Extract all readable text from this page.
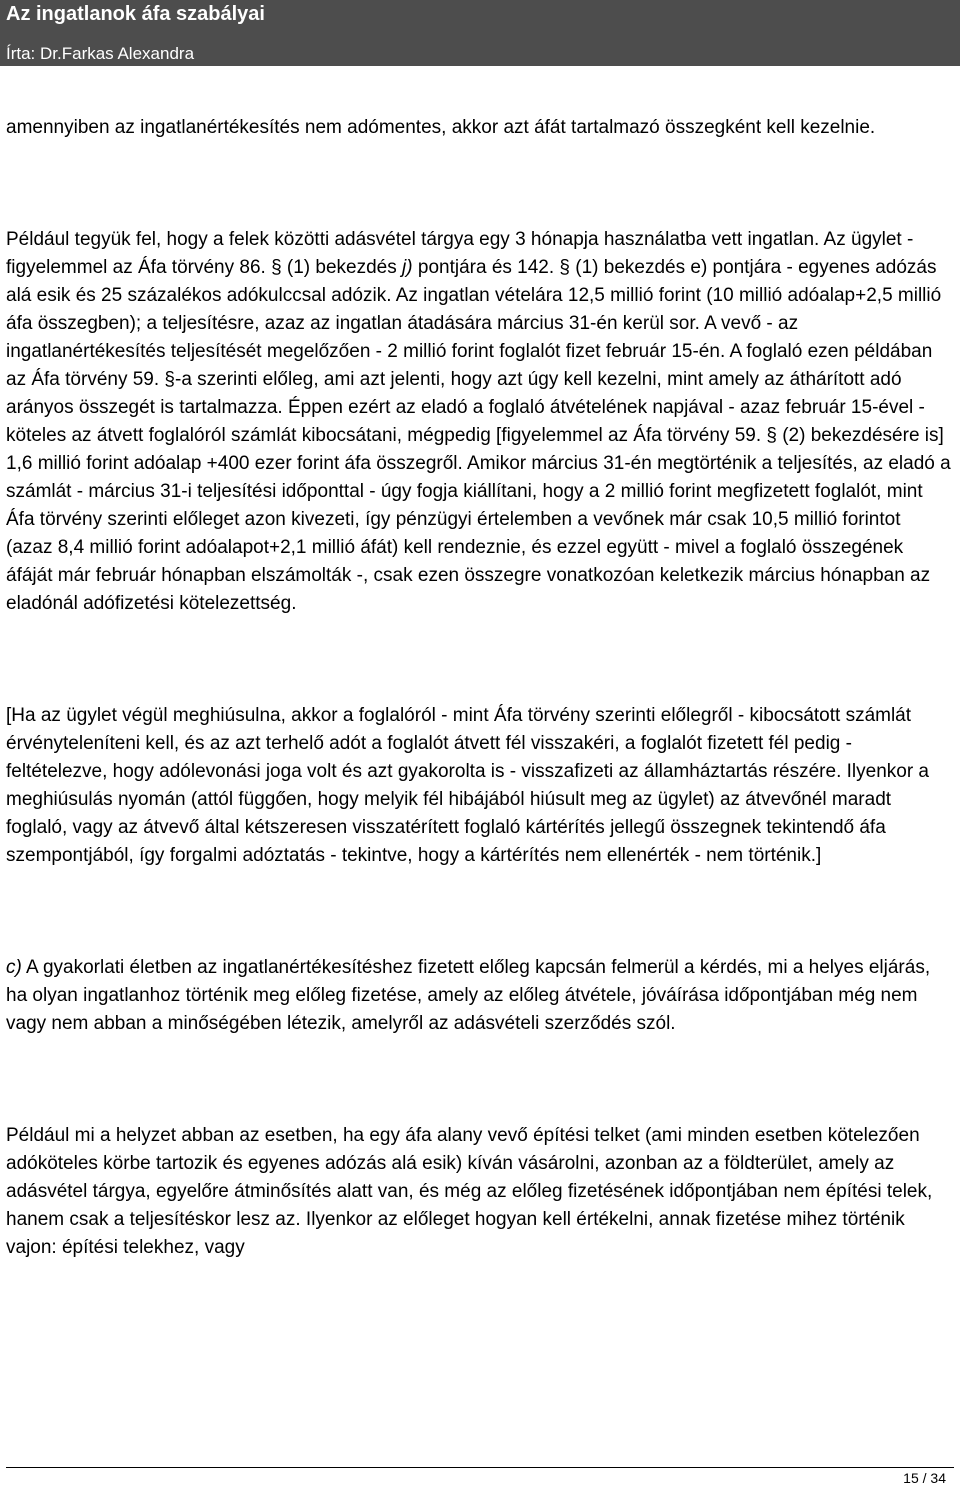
Az ingatlanok áfa szabályai
Írta: Dr.Farkas Alexandra

amennyiben az ingatlanértékesítés nem adómentes, akkor azt áfát tartalmazó összegként kell kezelnie.

Például tegyük fel, hogy a felek közötti adásvétel tárgya egy 3 hónapja használatba vett ingatlan. Az ügylet - figyelemmel az Áfa törvény 86. § (1) bekezdés j) pontjára és 142. § (1) bekezdés e) pontjára - egyenes adózás alá esik és 25 százalékos adókulccsal adózik. Az ingatlan vételára 12,5 millió forint (10 millió adóalap+2,5 millió áfa összegben); a teljesítésre, azaz az ingatlan átadására március 31-én kerül sor. A vevő - az ingatlanértékesítés teljesítését megelőzően - 2 millió forint foglalót fizet február 15-én. A foglaló ezen példában az Áfa törvény 59. §-a szerinti előleg, ami azt jelenti, hogy azt úgy kell kezelni, mint amely az áthárított adó arányos összegét is tartalmazza. Éppen ezért az eladó a foglaló átvételének napjával - azaz február 15-ével - köteles az átvett foglalóról számlát kibocsátani, mégpedig [figyelemmel az Áfa törvény 59. § (2) bekezdésére is] 1,6 millió forint adóalap +400 ezer forint áfa összegről. Amikor március 31-én megtörténik a teljesítés, az eladó a számlát - március 31-i teljesítési időponttal - úgy fogja kiállítani, hogy a 2 millió forint megfizetett foglalót, mint Áfa törvény szerinti előleget azon kivezeti, így pénzügyi értelemben a vevőnek már csak 10,5 millió forintot (azaz 8,4 millió forint adóalapot+2,1 millió áfát) kell rendeznie, és ezzel együtt - mivel a foglaló összegének áfáját már február hónapban elszámolták -, csak ezen összegre vonatkozóan keletkezik március hónapban az eladónál adófizetési kötelezettség.

[Ha az ügylet végül meghiúsulna, akkor a foglalóról - mint Áfa törvény szerinti előlegről - kibocsátott számlát érvényteleníteni kell, és az azt terhelő adót a foglalót átvett fél visszakéri, a foglalót fizetett fél pedig - feltételezve, hogy adólevonási joga volt és azt gyakorolta is - visszafizeti az államháztartás részére. Ilyenkor a meghiúsulás nyomán (attól függően, hogy melyik fél hibájából hiúsult meg az ügylet) az átvevőnél maradt foglaló, vagy az átvevő által kétszeresen visszatérített foglaló kártérítés jellegű összegnek tekintendő áfa szempontjából, így forgalmi adóztatás - tekintve, hogy a kártérítés nem ellenérték - nem történik.]

c) A gyakorlati életben az ingatlanértékesítéshez fizetett előleg kapcsán felmerül a kérdés, mi a helyes eljárás, ha olyan ingatlanhoz történik meg előleg fizetése, amely az előleg átvétele, jóváírása időpontjában még nem vagy nem abban a minőségében létezik, amelyről az adásvételi szerződés szól.

Például mi a helyzet abban az esetben, ha egy áfa alany vevő építési telket (ami minden esetben kötelezően adóköteles körbe tartozik és egyenes adózás alá esik) kíván vásárolni, azonban az a földterület, amely az adásvétel tárgya, egyelőre átminősítés alatt van, és még az előleg fizetésének időpontjában nem építési telek, hanem csak a teljesítéskor lesz az. Ilyenkor az előleget hogyan kell értékelni, annak fizetése mihez történik vajon: építési telekhez, vagy

15 / 34
